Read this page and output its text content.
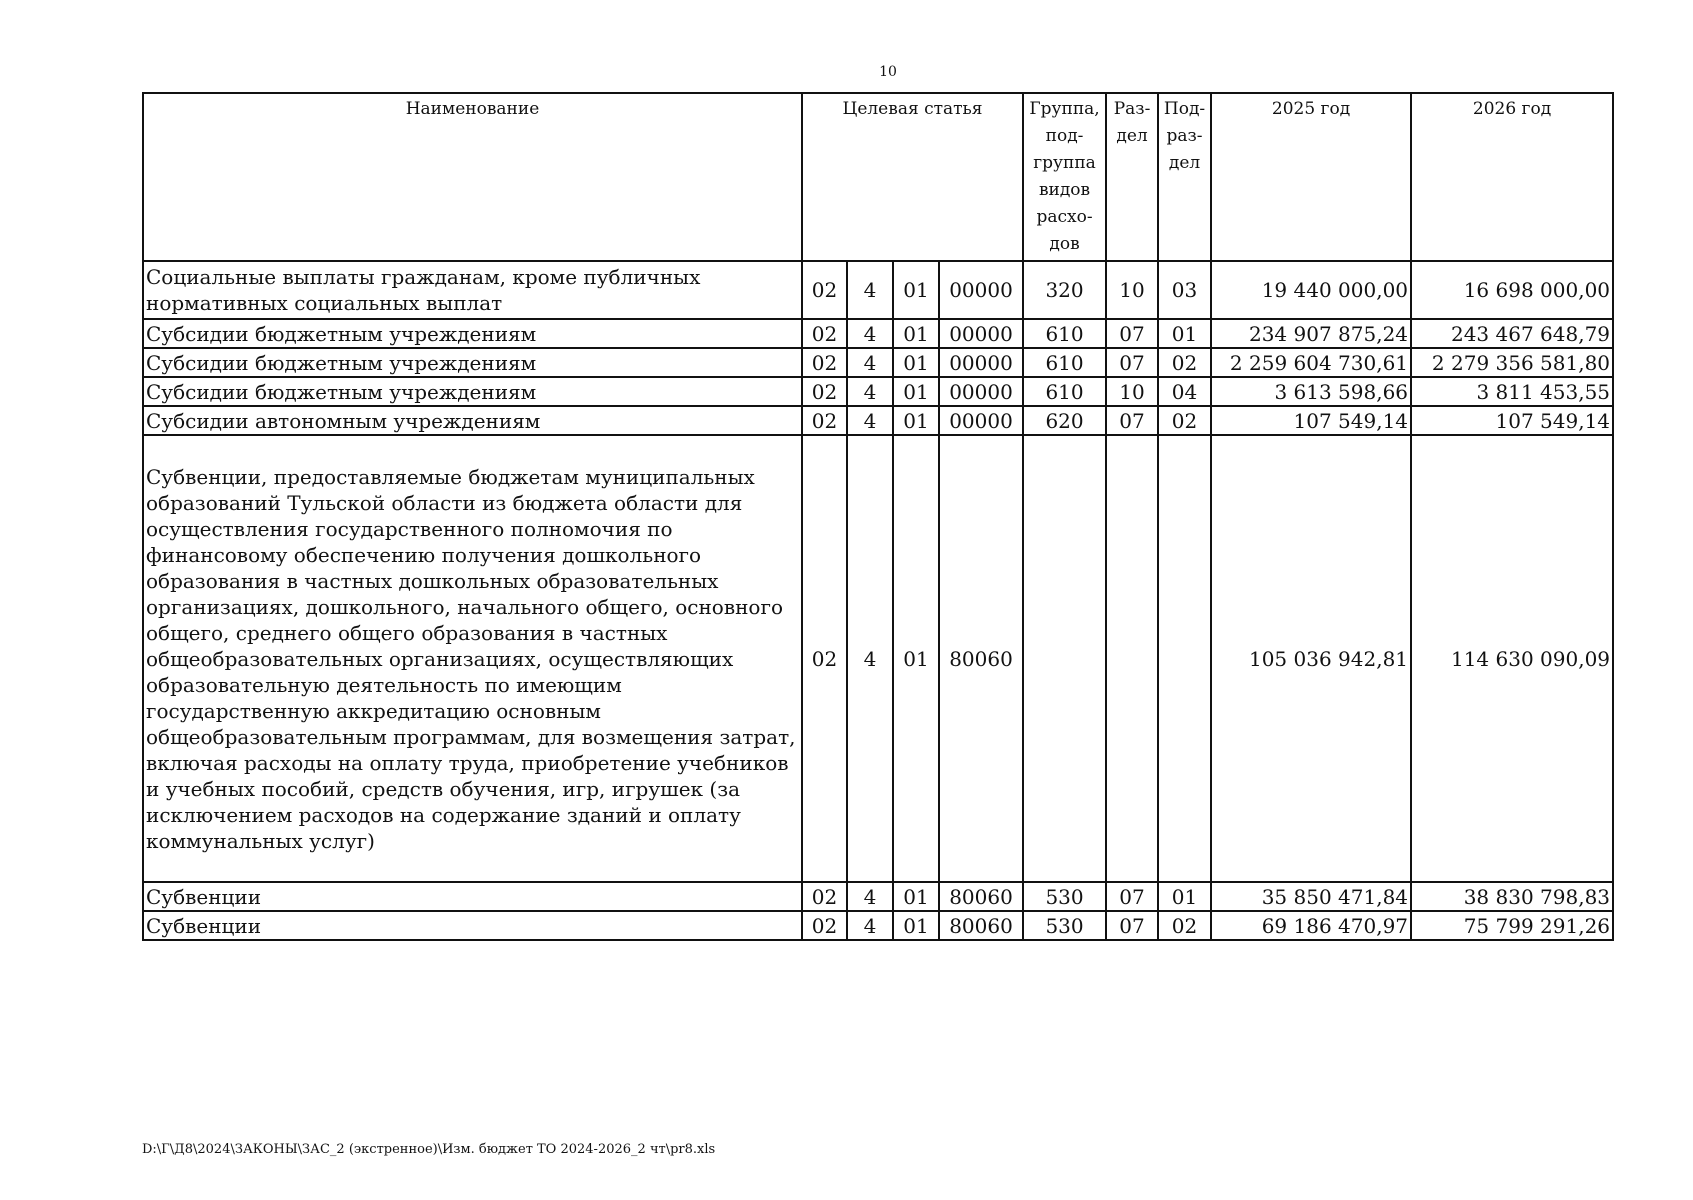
10
Наименование	Целевая статья				Группа, под-группа видов расхо-дов	Раз-дел	Под-раз-дел	2025 год	2026 год
Социальные выплаты гражданам, кроме публичных нормативных социальных выплат	02	4	01	00000	320	10	03	19 440 000,00	16 698 000,00
Субсидии бюджетным учреждениям	02	4	01	00000	610	07	01	234 907 875,24	243 467 648,79
Субсидии бюджетным учреждениям	02	4	01	00000	610	07	02	2 259 604 730,61	2 279 356 581,80
Субсидии бюджетным учреждениям	02	4	01	00000	610	10	04	3 613 598,66	3 811 453,55
Субсидии автономным учреждениям	02	4	01	00000	620	07	02	107 549,14	107 549,14
Субвенции, предоставляемые бюджетам муниципальных образований Тульской области из бюджета области для осуществления государственного полномочия по финансовому обеспечению получения дошкольного образования в частных дошкольных образовательных организациях, дошкольного, начального общего, основного общего, среднего общего образования в частных общеобразовательных организациях, осуществляющих образовательную деятельность по имеющим государственную аккредитацию основным общеобразовательным программам, для возмещения затрат, включая расходы на оплату труда, приобретение учебников и учебных пособий, средств обучения, игр, игрушек (за исключением расходов на содержание зданий и оплату коммунальных услуг)	02	4	01	80060				105 036 942,81	114 630 090,09
Субвенции	02	4	01	80060	530	07	01	35 850 471,84	38 830 798,83
Субвенции	02	4	01	80060	530	07	02	69 186 470,97	75 799 291,26
D:\Г\Д8\2024\ЗАКОНЫ\ЗАС_2 (экстренное)\Изм. бюджет ТО 2024-2026_2 чт\pr8.xls
